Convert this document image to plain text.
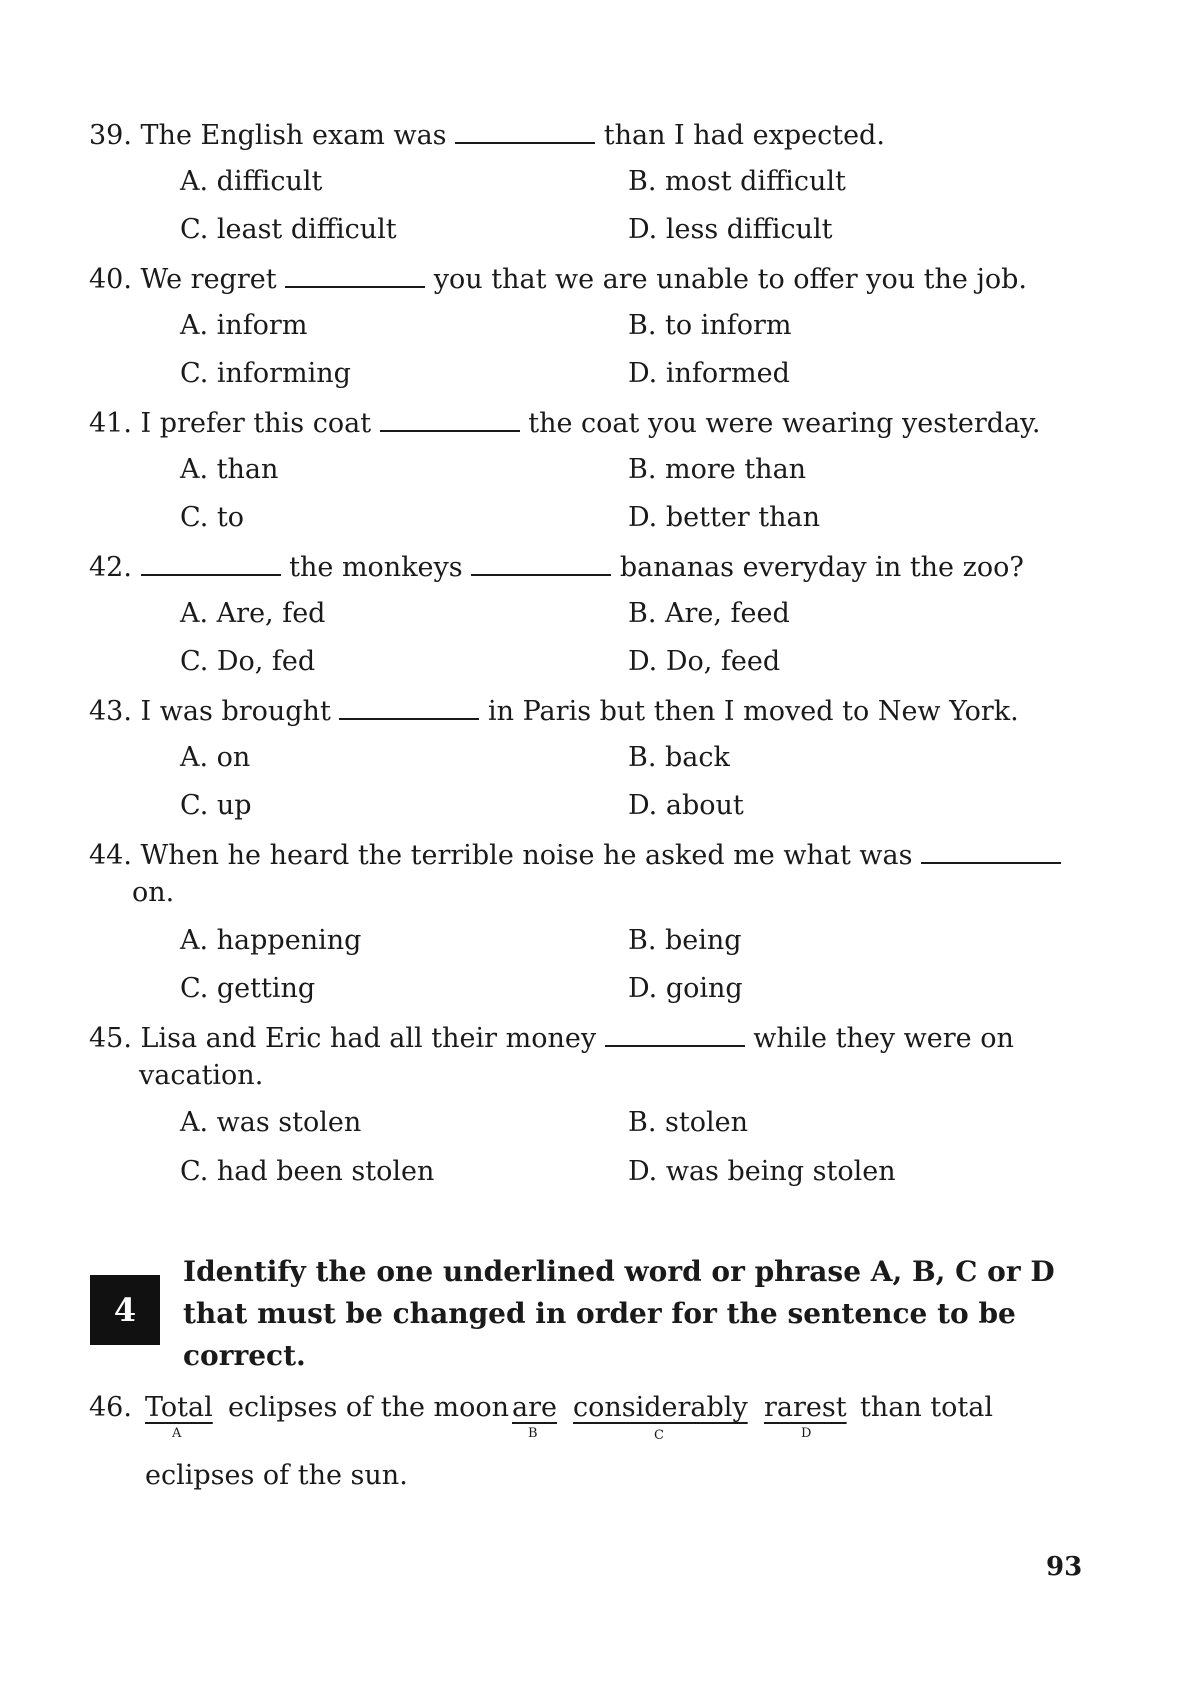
39. The English exam was	than I had expected.
A. difficult	B. most difficult
C. least difficult	D. less difficult
40. We regret	you that we are unable to offer you the job.
A. inform	B. to inform
C. informing	D. informed
41. I prefer this coat	the coat you were wearing yesterday.
A. than	B. more than
C. to	D. better than
42.	the monkeys	bananas everyday in the zoo?
A. Are, fed	B. Are, feed
C. Do, fed	D. Do, feed
43. I was brought	in Paris but then I moved to New York.
A. on	B. back
C. up	D. about
44. When he heard the terrible noise he asked me what was
on.
A. happening	B. being
C. getting	D. going
45. Lisa and Eric had all their money	while they were on
vacation.
A. was stolen	B. stolen
C. had been stolen	D. was being stolen
4
Identify the one underlined word or phrase A, B, C or D
that must be changed in order for the sentence to be
correct.
46. Total
A
eclipses of the moon are
B
considerably
C
rarest
D
than total
eclipses of the sun.
93
